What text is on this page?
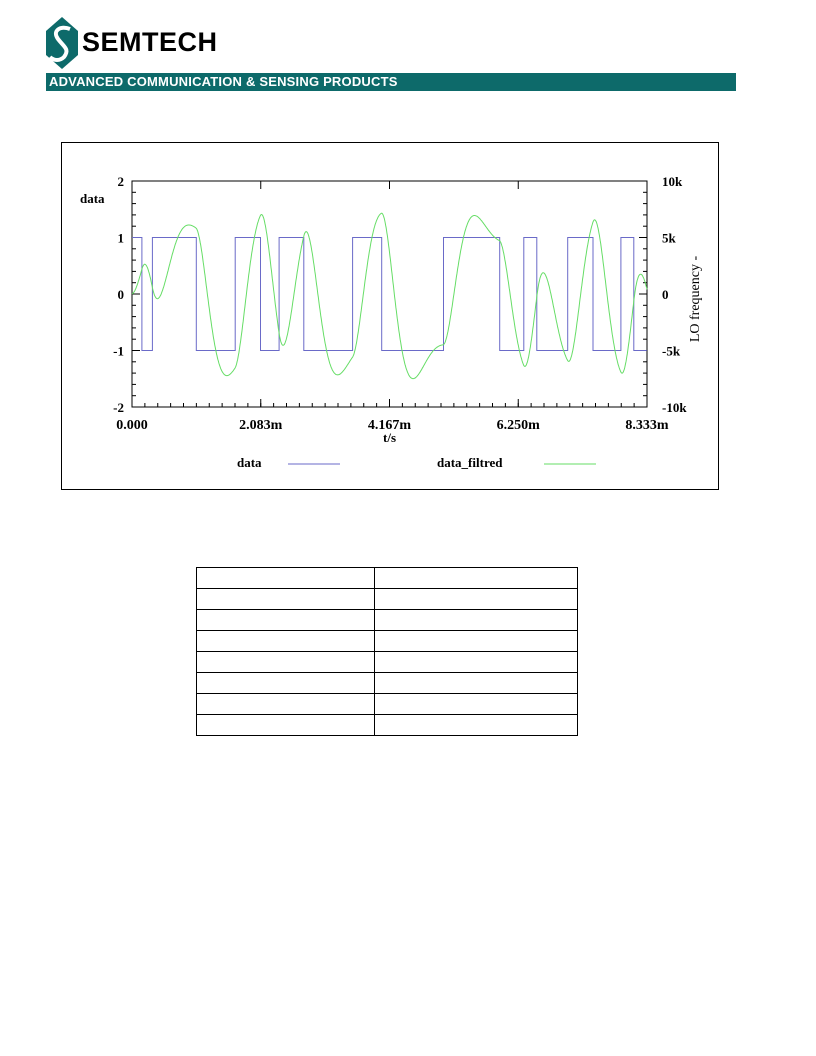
SEMTECH
ADVANCED COMMUNICATION & SENSING PRODUCTS
2
1
0
-1
-2
10k
5k
0
-5k
-10k
0.000	2.083m	4.167m	6.250m	8.333m
data
t/s
LO frequency -
data	data_filtred
